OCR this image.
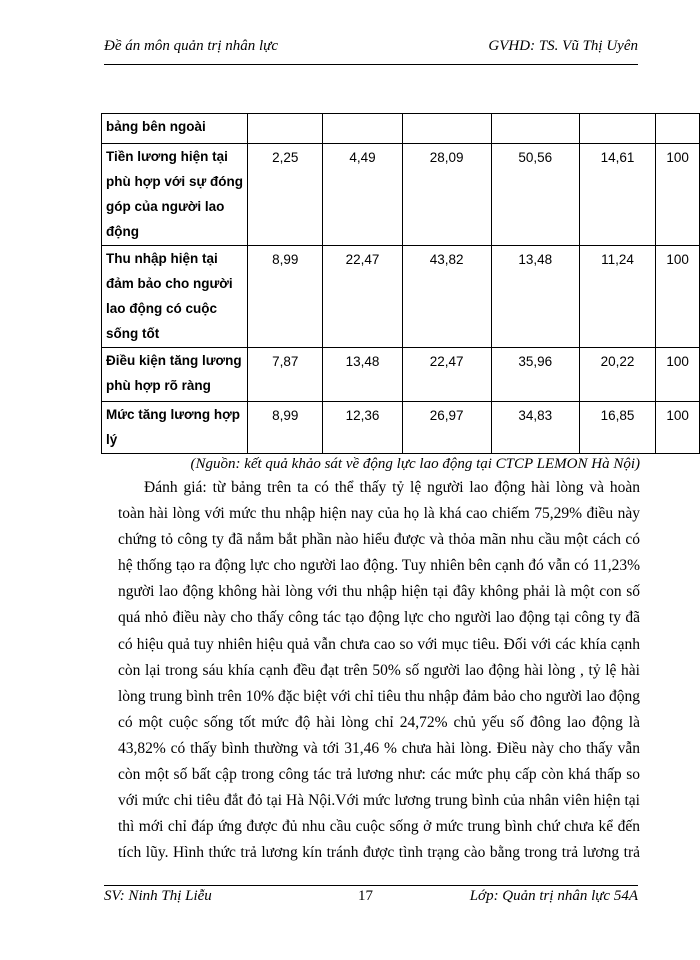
Đề án môn quản trị nhân lực	GVHD: TS. Vũ Thị Uyên
bảng bên ngoài						
Tiền lương hiện tại phù hợp với sự đóng góp của người lao động	2,25	4,49	28,09	50,56	14,61	100
Thu nhập hiện tại đảm bảo cho người lao động có cuộc sống tốt	8,99	22,47	43,82	13,48	11,24	100
Điều kiện tăng lương phù hợp rõ ràng	7,87	13,48	22,47	35,96	20,22	100
Mức tăng lương hợp lý	8,99	12,36	26,97	34,83	16,85	100
(Nguồn: kết quả khảo sát về động lực lao động tại CTCP LEMON Hà Nội)
Đánh giá: từ bảng trên ta có thể thấy tỷ lệ người lao động hài lòng và hoàn
toàn hài lòng với mức thu nhập hiện nay của họ là khá cao chiếm 75,29% điều này
chứng tỏ công ty đã nắm bắt phần nào hiểu được và thỏa mãn nhu cầu một cách có
hệ thống tạo ra động lực cho người lao động. Tuy nhiên bên cạnh đó vẫn có 11,23%
người lao động không hài lòng với thu nhập hiện tại đây không phải là một con số
quá nhỏ điều này cho thấy công tác tạo động lực cho người lao động tại công ty đã
có hiệu quả tuy nhiên hiệu quả vẫn chưa cao so với mục tiêu. Đối với các khía cạnh
còn lại trong sáu khía cạnh đều đạt trên 50% số người lao động hài lòng , tỷ lệ hài
lòng trung bình trên 10% đặc biệt với chỉ tiêu thu nhập đảm bảo cho người lao động
có một cuộc sống tốt mức độ hài lòng chỉ 24,72% chủ yếu số đông lao động là
43,82% có thấy bình thường và tới 31,46 % chưa hài lòng. Điều này cho thấy vẫn
còn một số bất cập trong công tác trả lương như: các mức phụ cấp còn khá thấp so
với mức chi tiêu đắt đỏ tại Hà Nội.Với mức lương trung bình của nhân viên hiện tại
thì mới chỉ đáp ứng được đủ nhu cầu cuộc sống ở mức trung bình chứ chưa kể đến
tích lũy. Hình thức trả lương kín tránh được tình trạng cào bằng trong trả lương trả
SV: Ninh Thị Liễu	17	Lớp: Quản trị nhân lực 54A
